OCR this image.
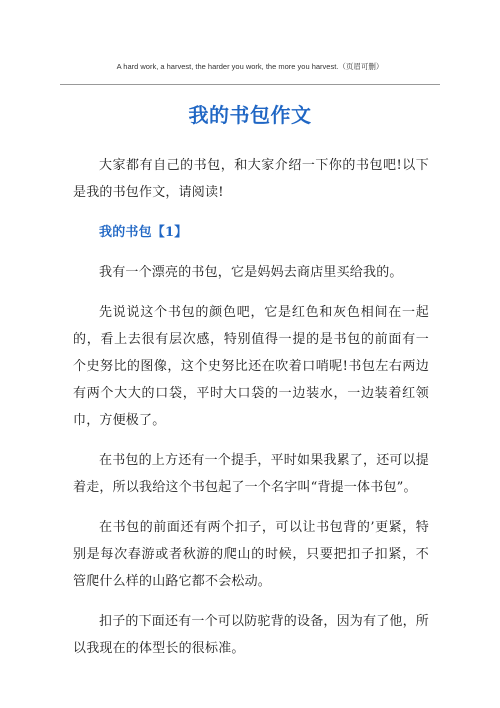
A hard work, a harvest, the harder you work, the more you harvest.（页眉可删）
我的书包作文

大家都有自己的书包，和大家介绍一下你的书包吧!以下是我的书包作文，请阅读!

我的书包【1】

我有一个漂亮的书包，它是妈妈去商店里买给我的。

先说说这个书包的颜色吧，它是红色和灰色相间在一起的，看上去很有层次感，特别值得一提的是书包的前面有一个史努比的图像，这个史努比还在吹着口哨呢!书包左右两边有两个大大的口袋，平时大口袋的一边装水，一边装着红领巾，方便极了。

在书包的上方还有一个提手，平时如果我累了，还可以提着走，所以我给这个书包起了一个名字叫“背提一体书包”。

在书包的前面还有两个扣子，可以让书包背的’更紧，特别是每次春游或者秋游的爬山的时候，只要把扣子扣紧，不管爬什么样的山路它都不会松动。

扣子的下面还有一个可以防驼背的设备，因为有了他，所以我现在的体型长的很标准。
